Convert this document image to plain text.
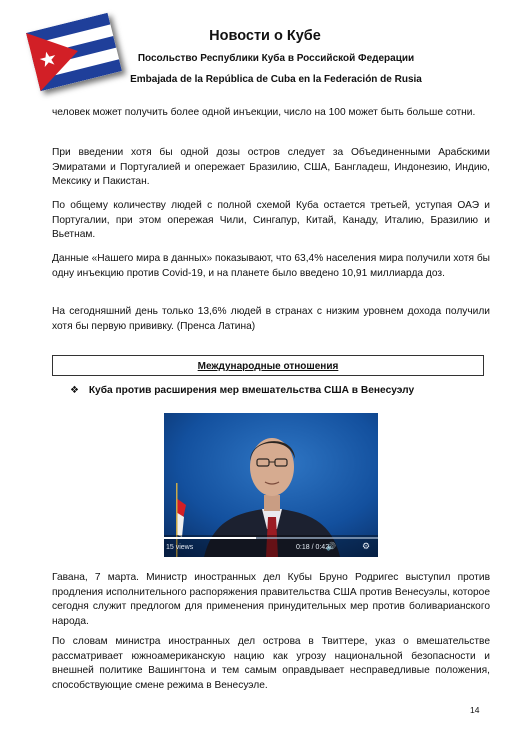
Новости о Кубе
Посольство Республики Куба в Российской Федерации
Embajada de la República de Cuba en la Federación de Rusia

человек может получить более одной инъекции, число на 100 может быть больше сотни.

При введении хотя бы одной дозы остров следует за Объединенными Арабскими Эмиратами и Португалией и опережает Бразилию, США, Бангладеш, Индонезию, Индию, Мексику и Пакистан.

По общему количеству людей с полной схемой Куба остается третьей, уступая ОАЭ и Португалии, при этом опережая Чили, Сингапур, Китай, Канаду, Италию, Бразилию и Вьетнам.

Данные «Нашего мира в данных» показывают, что 63,4% населения мира получили хотя бы одну инъекцию против Covid-19, и на планете было введено 10,91 миллиарда доз.

На сегодняшний день только 13,6% людей в странах с низким уровнем дохода получили хотя бы первую прививку. (Пренса Латина)

Международные отношения
❖ Куба против расширения мер вмешательства США в Венесуэлу
15 views	0:18 / 0:42
🔊	⚙

Гавана, 7 марта. Министр иностранных дел Кубы Бруно Родригес выступил против продления исполнительного распоряжения правительства США против Венесуэлы, которое сегодня служит предлогом для применения принудительных мер против боливарианского народа.

По словам министра иностранных дел острова в Твиттере, указ о вмешательстве рассматривает южноамериканскую нацию как угрозу национальной безопасности и внешней политике Вашингтона и тем самым оправдывает несправедливые положения, способствующие смене режима в Венесуэле.

14
